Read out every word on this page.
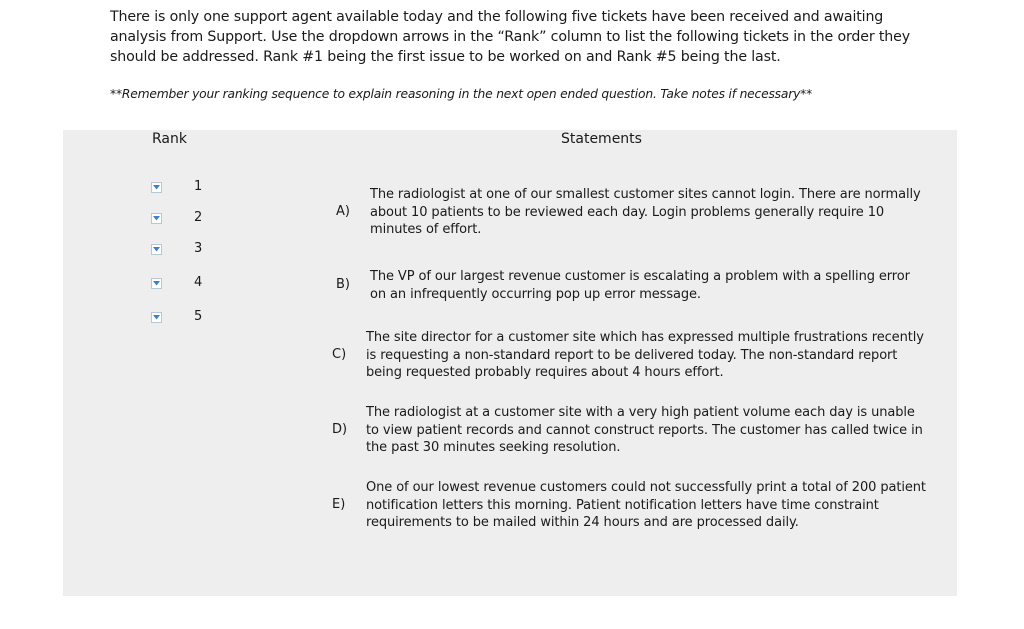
There is only one support agent available today and the following five tickets have been received and awaiting analysis from Support. Use the dropdown arrows in the “Rank” column to list the following tickets in the order they should be addressed. Rank #1 being the first issue to be worked on and Rank #5 being the last.

**Remember your ranking sequence to explain reasoning in the next open ended question. Take notes if necessary**

Rank	Statements
1
2
3
4
5
A)

The radiologist at one of our smallest customer sites cannot login. There are normally about 10 patients to be reviewed each day. Login problems generally require 10 minutes of effort.

B)

The VP of our largest revenue customer is escalating a problem with a spelling error on an infrequently occurring pop up error message.

C)

The site director for a customer site which has expressed multiple frustrations recently is requesting a non-standard report to be delivered today. The non-standard report being requested probably requires about 4 hours effort.

D)

The radiologist at a customer site with a very high patient volume each day is unable to view patient records and cannot construct reports. The customer has called twice in the past 30 minutes seeking resolution.

E)

One of our lowest revenue customers could not successfully print a total of 200 patient notification letters this morning. Patient notification letters have time constraint requirements to be mailed within 24 hours and are processed daily.
